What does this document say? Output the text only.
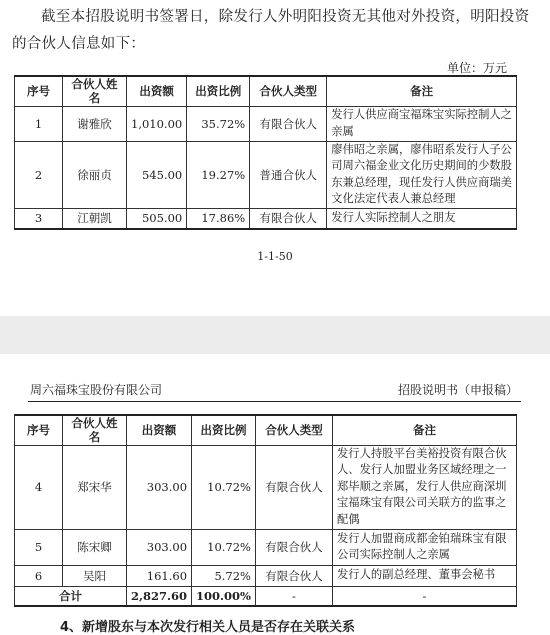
截至本招股说明书签署日，除发行人外明阳投资无其他对外投资，明阳投资的合伙人信息如下：
单位：万元
序号	合伙人姓名	出资额	出资比例	合伙人类型	备注
1	谢雅欣	1,010.00	35.72%	有限合伙人	发行人供应商宝福珠宝实际控制人之亲属
2	徐丽贞	545.00	19.27%	普通合伙人	廖伟昭之亲属，廖伟昭系发行人子公司周六福金业文化历史期间的少数股东兼总经理，现任发行人供应商瑞美文化法定代表人兼总经理
3	江朝凯	505.00	17.86%	有限合伙人	发行人实际控制人之朋友
1-1-50
周六福珠宝股份有限公司	招股说明书（申报稿）
序号	合伙人姓名	出资额	出资比例	合伙人类型	备注
4	郑宋华	303.00	10.72%	有限合伙人	发行人持股平台美裕投资有限合伙人、发行人加盟业务区域经理之一郑毕顺之亲属，发行人供应商深圳宝福珠宝有限公司关联方的监事之配偶
5	陈宋卿	303.00	10.72%	有限合伙人	发行人加盟商成都金铂瑞珠宝有限公司实际控制人之亲属
6	吴阳	161.60	5.72%	有限合伙人	发行人的副总经理、董事会秘书
合计		2,827.60	100.00%	-	-
4、新增股东与本次发行相关人员是否存在关联关系
